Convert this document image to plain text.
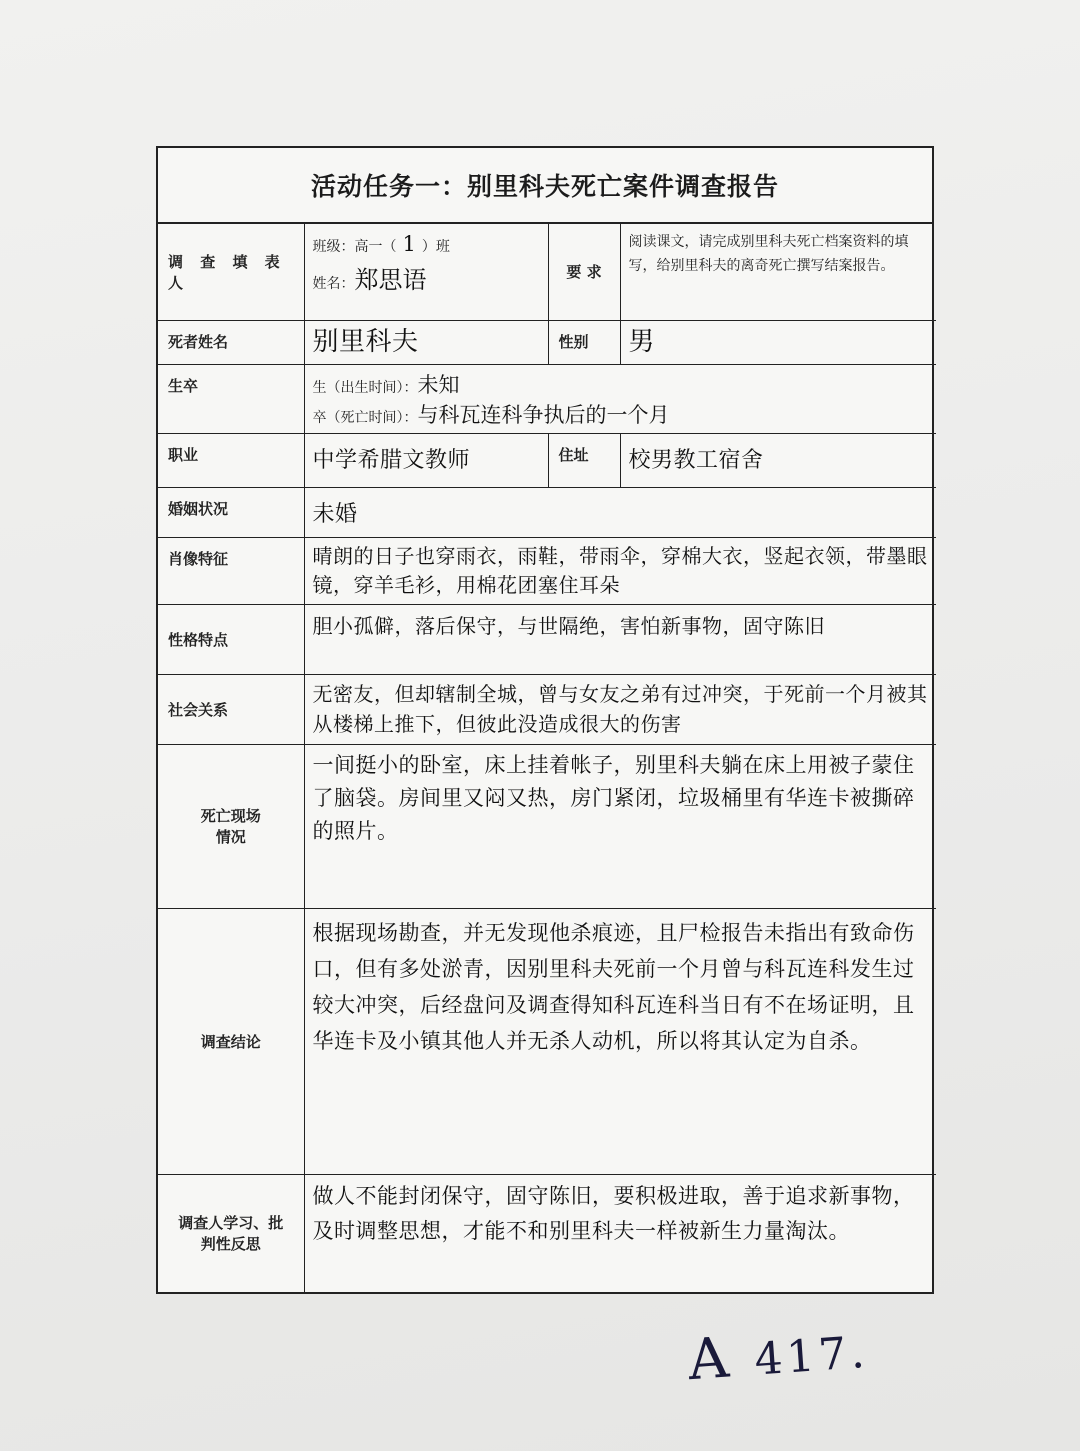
活动任务一：别里科夫死亡案件调查报告
调 查 填 表 人	班级：高一（ 1 ）班
姓名： 郑思语	要 求	阅读课文，请完成别里科夫死亡档案资料的填写，给别里科夫的离奇死亡撰写结案报告。
死者姓名	别里科夫	性别	男
生卒	生（出生时间）： 未知
卒（死亡时间）： 与科瓦连科争执后的一个月		

职业	中学希腊文教师	住址	校男教工宿舍
婚姻状况	未婚		
肖像特征	晴朗的日子也穿雨衣，雨鞋，带雨伞，穿棉大衣，竖起衣领，带墨眼镜，穿羊毛衫，用棉花团塞住耳朵		
性格特点	胆小孤僻，落后保守，与世隔绝，害怕新事物，固守陈旧		
社会关系	无密友，但却辖制全城，曾与女友之弟有过冲突，于死前一个月被其从楼梯上推下，但彼此没造成很大的伤害		

死亡现场
情况	一间挺小的卧室，床上挂着帐子，别里科夫躺在床上用被子蒙住了脑袋。房间里又闷又热，房门紧闭，垃圾桶里有华连卡被撕碎的照片。		
调查结论	根据现场勘查，并无发现他杀痕迹，且尸检报告未指出有致命伤口，但有多处淤青，因别里科夫死前一个月曾与科瓦连科发生过较大冲突，后经盘问及调查得知科瓦连科当日有不在场证明，且华连卡及小镇其他人并无杀人动机，所以将其认定为自杀。		

调查人学习、批
判性反思	做人不能封闭保守，固守陈旧，要积极进取，善于追求新事物，及时调整思想，才能不和别里科夫一样被新生力量淘汰。		
A 417.
